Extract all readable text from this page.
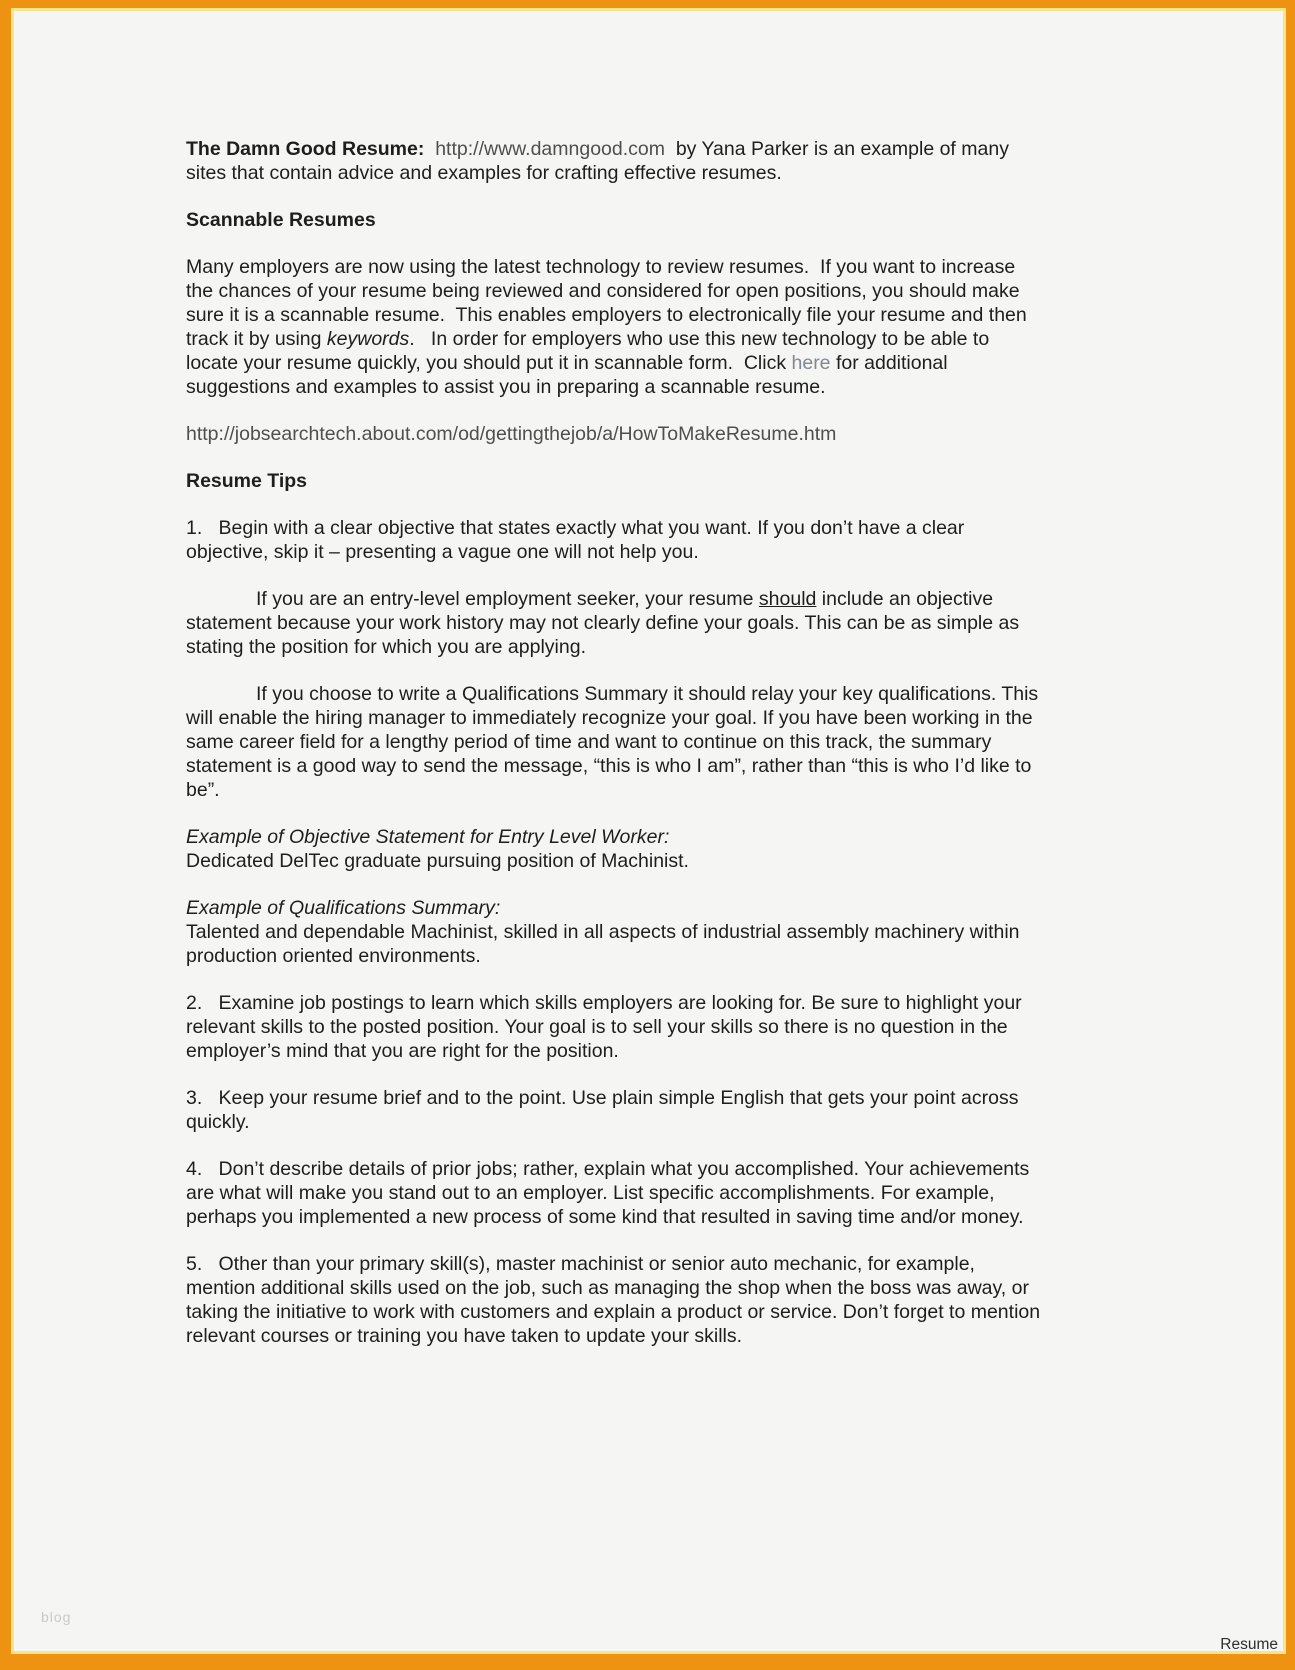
The Damn Good Resume:  http://www.damngood.com  by Yana Parker is an example of many sites that contain advice and examples for crafting effective resumes.

Scannable Resumes

Many employers are now using the latest technology to review resumes.  If you want to increase the chances of your resume being reviewed and considered for open positions, you should make sure it is a scannable resume.  This enables employers to electronically file your resume and then track it by using keywords.   In order for employers who use this new technology to be able to locate your resume quickly, you should put it in scannable form.  Click here for additional suggestions and examples to assist you in preparing a scannable resume.

http://jobsearchtech.about.com/od/gettingthejob/a/HowToMakeResume.htm

Resume Tips

1.   Begin with a clear objective that states exactly what you want. If you don’t have a clear objective, skip it – presenting a vague one will not help you.

If you are an entry-level employment seeker, your resume should include an objective statement because your work history may not clearly define your goals. This can be as simple as stating the position for which you are applying.

If you choose to write a Qualifications Summary it should relay your key qualifications. This will enable the hiring manager to immediately recognize your goal. If you have been working in the same career field for a lengthy period of time and want to continue on this track, the summary statement is a good way to send the message, “this is who I am”, rather than “this is who I’d like to be”.

Example of Objective Statement for Entry Level Worker:
Dedicated DelTec graduate pursuing position of Machinist.

Example of Qualifications Summary:
Talented and dependable Machinist, skilled in all aspects of industrial assembly machinery within production oriented environments.

2.   Examine job postings to learn which skills employers are looking for. Be sure to highlight your relevant skills to the posted position. Your goal is to sell your skills so there is no question in the employer’s mind that you are right for the position.

3.   Keep your resume brief and to the point. Use plain simple English that gets your point across quickly.

4.   Don’t describe details of prior jobs; rather, explain what you accomplished. Your achievements are what will make you stand out to an employer. List specific accomplishments. For example, perhaps you implemented a new process of some kind that resulted in saving time and/or money.

5.   Other than your primary skill(s), master machinist or senior auto mechanic, for example, mention additional skills used on the job, such as managing the shop when the boss was away, or taking the initiative to work with customers and explain a product or service. Don’t forget to mention relevant courses or training you have taken to update your skills.

blog
Resume
